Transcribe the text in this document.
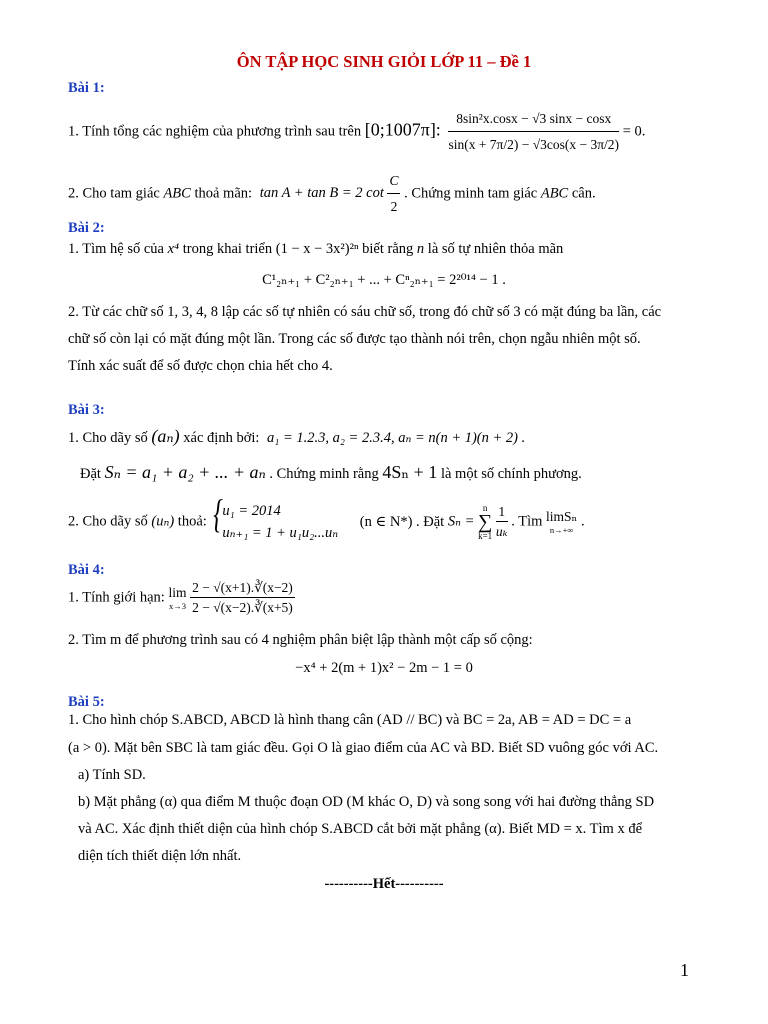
ÔN TẬP HỌC SINH GIỎI LỚP 11 – Đề 1
Bài 1:
1. Tính tổng các nghiệm của phương trình sau trên [0;1007π]: $\frac{\text{8sin²x.cosx − √3 sinx − cosx}}{\sin(x + 7\pi/2) - √3\cos(x - 3\pi/2)} = 0$.
2. Cho tam giác ABC thoả mãn: tan A + tan B = 2 $\cot \frac{C}{2}$ . Chứng minh tam giác ABC cân.
Bài 2:
1. Tìm hệ số của x⁴ trong khai triển (1 − x − 3x²)²ⁿ biết rằng n là số tự nhiên thỏa mãn
C¹₂ₙ₊₁ + C²₂ₙ₊₁ + ... + Cⁿ₂ₙ₊₁ = 2²⁰¹⁴ − 1 .
2. Từ các chữ số 1, 3, 4, 8 lập các số tự nhiên có sáu chữ số, trong đó chữ số 3 có mặt đúng ba lần, các
chữ số còn lại có mặt đúng một lần. Trong các số được tạo thành nói trên, chọn ngẫu nhiên một số.
Tính xác suất để số được chọn chia hết cho 4.
Bài 3:
1. Cho dãy số (aₙ) xác định bởi: a₁ = 1.2.3, a₂ = 2.3.4, aₙ = n(n + 1)(n + 2) .
Đặt Sₙ = a₁ + a₂ + ... + aₙ . Chứng minh rằng 4Sₙ + 1 là một số chính phương.
2. Cho dãy số (uₙ) thoả: { u₁ = 2014
uₙ₊₁ = 1 + u₁u₂...uₙ
(n ∈ N*) . Đặt Sₙ =
n
∑
k=1
$\frac{1}{\text{uₖ}}$ . Tìm limSₙ
n→+∞
.
Bài 4:
1. Tính giới hạn: lim
x→3
$\frac{2 - √(x+1).∛(x-2)}{2 - √(x-2).∛(x+5)}$
2. Tìm m để phương trình sau có 4 nghiệm phân biệt lập thành một cấp số cộng:
−x⁴ + 2(m + 1)x² − 2m − 1 = 0
Bài 5:
1. Cho hình chóp S.ABCD, ABCD là hình thang cân (AD // BC) và BC = 2a, AB = AD = DC = a
(a > 0). Mặt bên SBC là tam giác đều. Gọi O là giao điểm của AC và BD. Biết SD vuông góc với AC.
a) Tính SD.
b) Mặt phẳng (α) qua điểm M thuộc đoạn OD (M khác O, D) và song song với hai đường thẳng SD
và AC. Xác định thiết diện của hình chóp S.ABCD cắt bởi mặt phẳng (α). Biết MD = x. Tìm x để
diện tích thiết diện lớn nhất.
----------Hết----------
1
